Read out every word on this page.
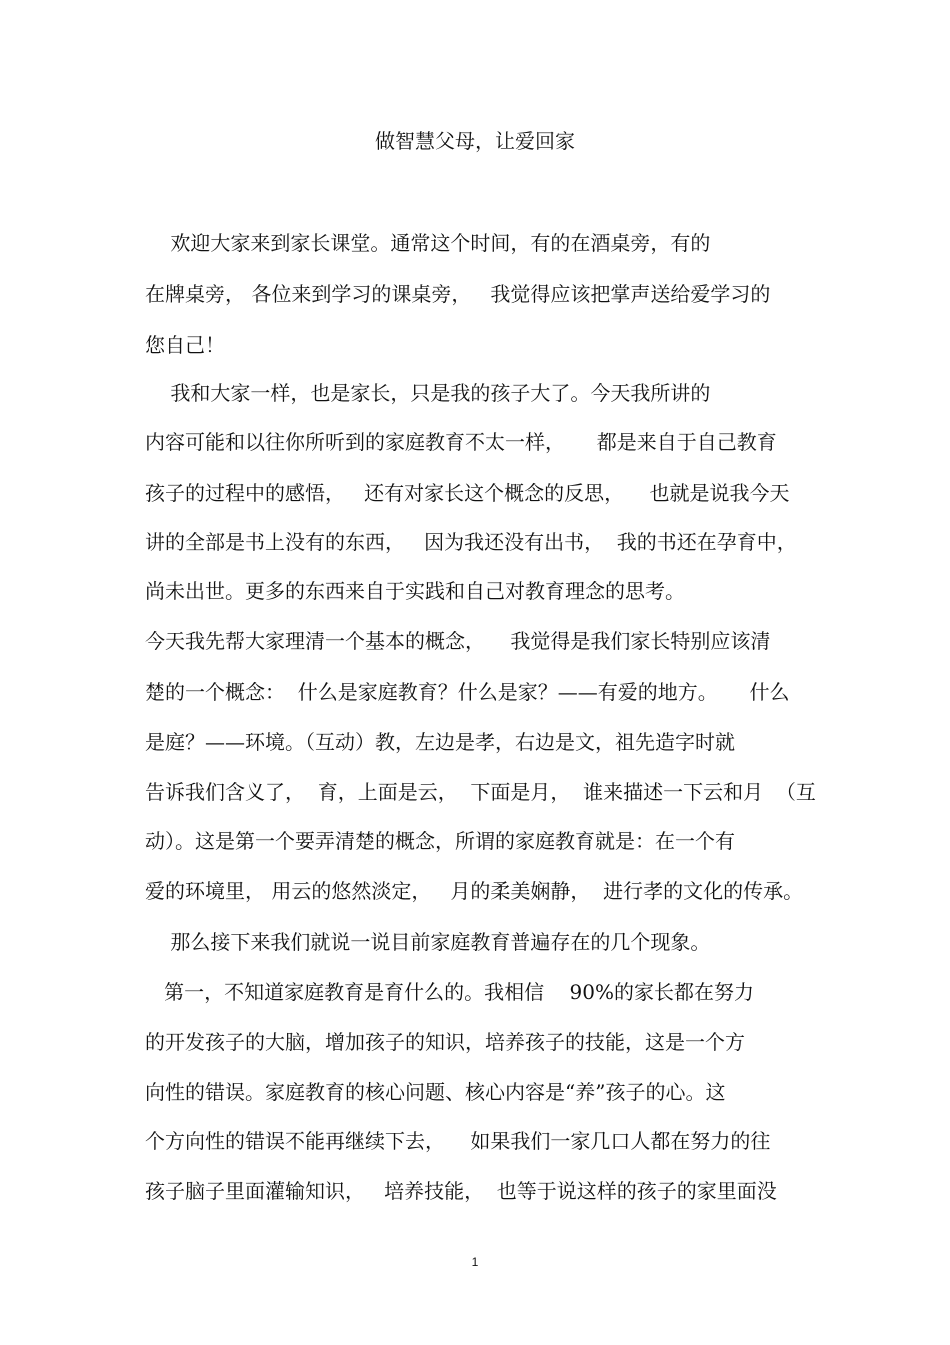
做智慧父母，让爱回家
欢迎大家来到家长课堂。通常这个时间，有的在酒桌旁，有的
在牌桌旁， 各位来到学习的课桌旁，   我觉得应该把掌声送给爱学习的
您自己！
我和大家一样，也是家长，只是我的孩子大了。今天我所讲的
内容可能和以往你所听到的家庭教育不太一样，     都是来自于自己教育
孩子的过程中的感悟，   还有对家长这个概念的反思，    也就是说我今天
讲的全部是书上没有的东西，   因为我还没有出书，  我的书还在孕育中，
尚未出世。更多的东西来自于实践和自己对教育理念的思考。
今天我先帮大家理清一个基本的概念，    我觉得是我们家长特别应该清
楚的一个概念：  什么是家庭教育？什么是家？——有爱的地方。     什么
是庭？——环境。（互动）教，左边是孝，右边是文，祖先造字时就
告诉我们含义了，  育，上面是云，  下面是月，  谁来描述一下云和月  （互
动）。这是第一个要弄清楚的概念，所谓的家庭教育就是：在一个有
爱的环境里， 用云的悠然淡定，   月的柔美娴静，  进行孝的文化的传承。
那么接下来我们就说一说目前家庭教育普遍存在的几个现象。
第一，不知道家庭教育是育什么的。我相信    90%的家长都在努力
的开发孩子的大脑，增加孩子的知识，培养孩子的技能，这是一个方
向性的错误。家庭教育的核心问题、核心内容是“养”孩子的心。这
个方向性的错误不能再继续下去，    如果我们一家几口人都在努力的往
孩子脑子里面灌输知识，   培养技能，  也等于说这样的孩子的家里面没
1
